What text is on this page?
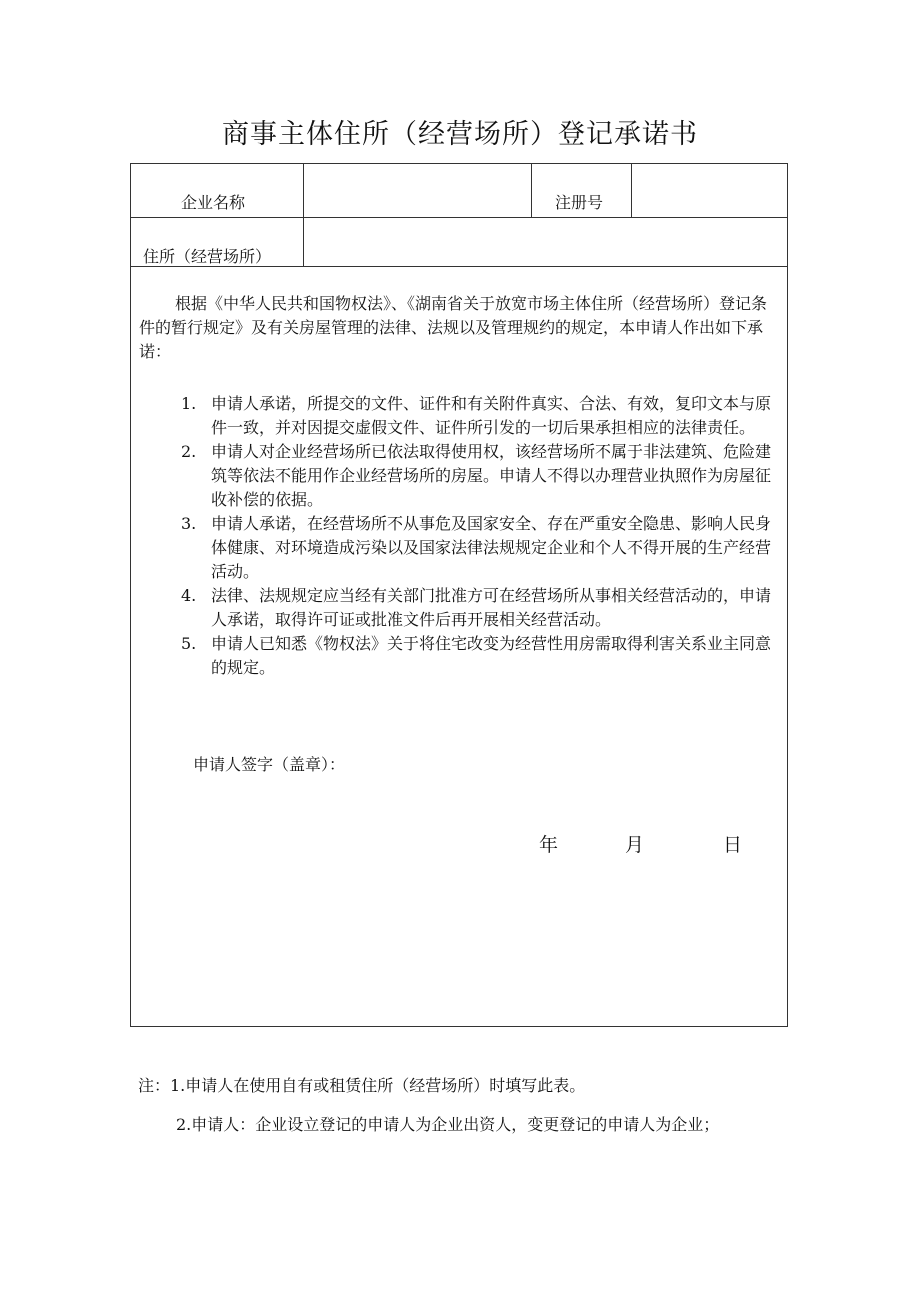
商事主体住所（经营场所）登记承诺书
企业名称	注册号
住所（经营场所）
根据《中华人民共和国物权法》、《湖南省关于放宽市场主体住所（经营场所）登记条件的暂行规定》及有关房屋管理的法律、法规以及管理规约的规定，本申请人作出如下承诺：
1. 申请人承诺，所提交的文件、证件和有关附件真实、合法、有效，复印文本与原件一致，并对因提交虚假文件、证件所引发的一切后果承担相应的法律责任。
2. 申请人对企业经营场所已依法取得使用权，该经营场所不属于非法建筑、危险建筑等依法不能用作企业经营场所的房屋。申请人不得以办理营业执照作为房屋征收补偿的依据。
3. 申请人承诺，在经营场所不从事危及国家安全、存在严重安全隐患、影响人民身体健康、对环境造成污染以及国家法律法规规定企业和个人不得开展的生产经营活动。
4. 法律、法规规定应当经有关部门批准方可在经营场所从事相关经营活动的，申请人承诺，取得许可证或批准文件后再开展相关经营活动。
5. 申请人已知悉《物权法》关于将住宅改变为经营性用房需取得利害关系业主同意的规定。
申请人签字（盖章）：
年	月	日
注：1.申请人在使用自有或租赁住所（经营场所）时填写此表。
2.申请人：企业设立登记的申请人为企业出资人，变更登记的申请人为企业；
